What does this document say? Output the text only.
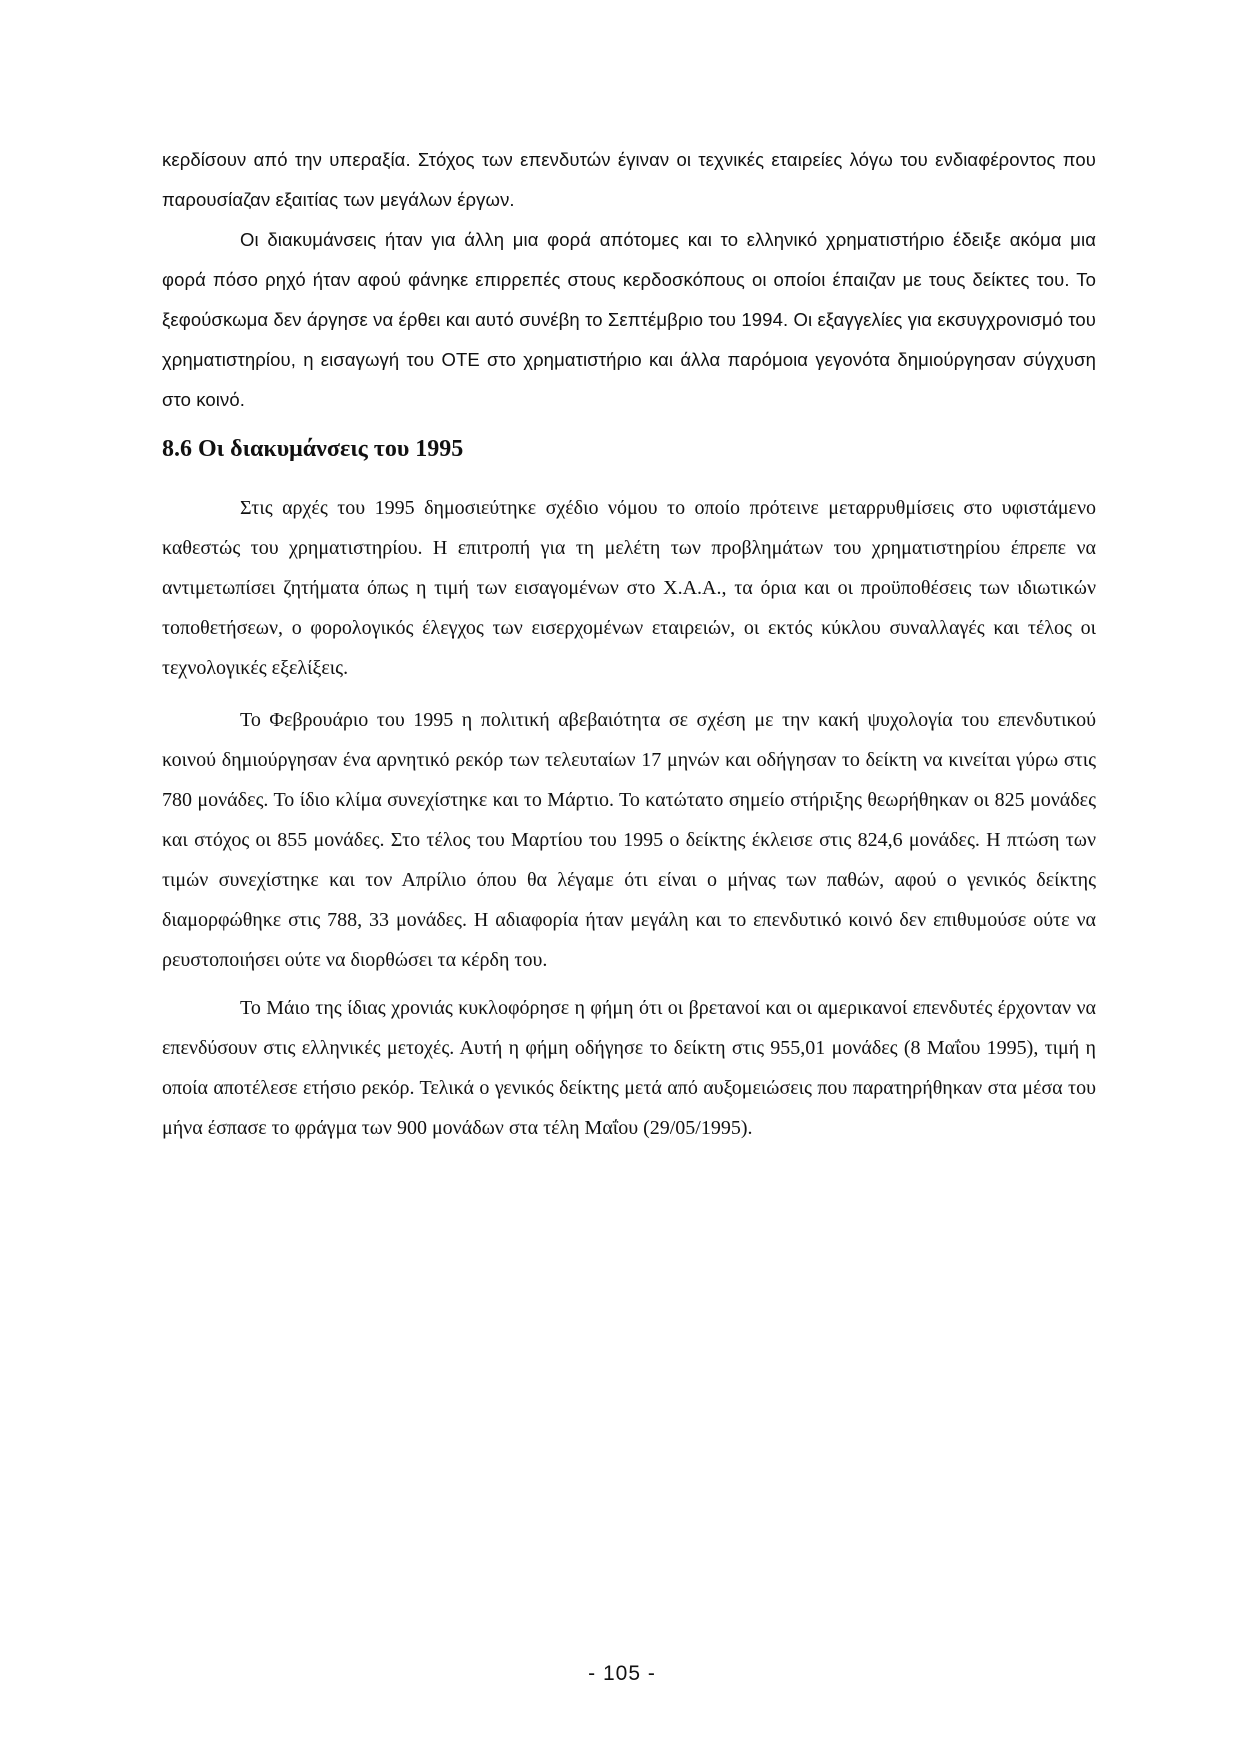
κερδίσουν από την υπεραξία. Στόχος των επενδυτών έγιναν οι τεχνικές εταιρείες λόγω του ενδιαφέροντος που παρουσίαζαν εξαιτίας των μεγάλων έργων.

Οι διακυμάνσεις ήταν για άλλη μια φορά απότομες και το ελληνικό χρηματιστήριο έδειξε ακόμα μια φορά πόσο ρηχό ήταν αφού φάνηκε επιρρεπές στους κερδοσκόπους οι οποίοι έπαιζαν με τους δείκτες του. Το ξεφούσκωμα δεν άργησε να έρθει και αυτό συνέβη το Σεπτέμβριο του 1994. Οι εξαγγελίες για εκσυγχρονισμό του χρηματιστηρίου, η εισαγωγή του ΟΤΕ στο χρηματιστήριο και άλλα παρόμοια γεγονότα δημιούργησαν σύγχυση στο κοινό.

8.6 Οι διακυμάνσεις του 1995

Στις αρχές του 1995 δημοσιεύτηκε σχέδιο νόμου το οποίο πρότεινε μεταρρυθμίσεις στο υφιστάμενο καθεστώς του χρηματιστηρίου. Η επιτροπή για τη μελέτη των προβλημάτων του χρηματιστηρίου έπρεπε να αντιμετωπίσει ζητήματα όπως η τιμή των εισαγομένων στο Χ.Α.Α., τα όρια και οι προϋποθέσεις των ιδιωτικών τοποθετήσεων, ο φορολογικός έλεγχος των εισερχομένων εταιρειών, οι εκτός κύκλου συναλλαγές και τέλος οι τεχνολογικές εξελίξεις.

Το Φεβρουάριο του 1995 η πολιτική αβεβαιότητα σε σχέση με την κακή ψυχολογία του επενδυτικού κοινού δημιούργησαν ένα αρνητικό ρεκόρ των τελευταίων 17 μηνών και οδήγησαν το δείκτη να κινείται γύρω στις 780 μονάδες. Το ίδιο κλίμα συνεχίστηκε και το Μάρτιο. Το κατώτατο σημείο στήριξης θεωρήθηκαν οι 825 μονάδες και στόχος οι 855 μονάδες. Στο τέλος του Μαρτίου του 1995 ο δείκτης έκλεισε στις 824,6 μονάδες. Η πτώση των τιμών συνεχίστηκε και τον Απρίλιο όπου θα λέγαμε ότι είναι ο μήνας των παθών, αφού ο γενικός δείκτης διαμορφώθηκε στις 788, 33 μονάδες. Η αδιαφορία ήταν μεγάλη και το επενδυτικό κοινό δεν επιθυμούσε ούτε να ρευστοποιήσει ούτε να διορθώσει τα κέρδη του.

Το Μάιο της ίδιας χρονιάς κυκλοφόρησε η φήμη ότι οι βρετανοί και οι αμερικανοί επενδυτές έρχονταν να επενδύσουν στις ελληνικές μετοχές. Αυτή η φήμη οδήγησε το δείκτη στις 955,01 μονάδες (8 Μαΐου 1995), τιμή η οποία αποτέλεσε ετήσιο ρεκόρ. Τελικά ο γενικός δείκτης μετά από αυξομειώσεις που παρατηρήθηκαν στα μέσα του μήνα έσπασε το φράγμα των 900 μονάδων στα τέλη Μαΐου (29/05/1995).

- 105 -
